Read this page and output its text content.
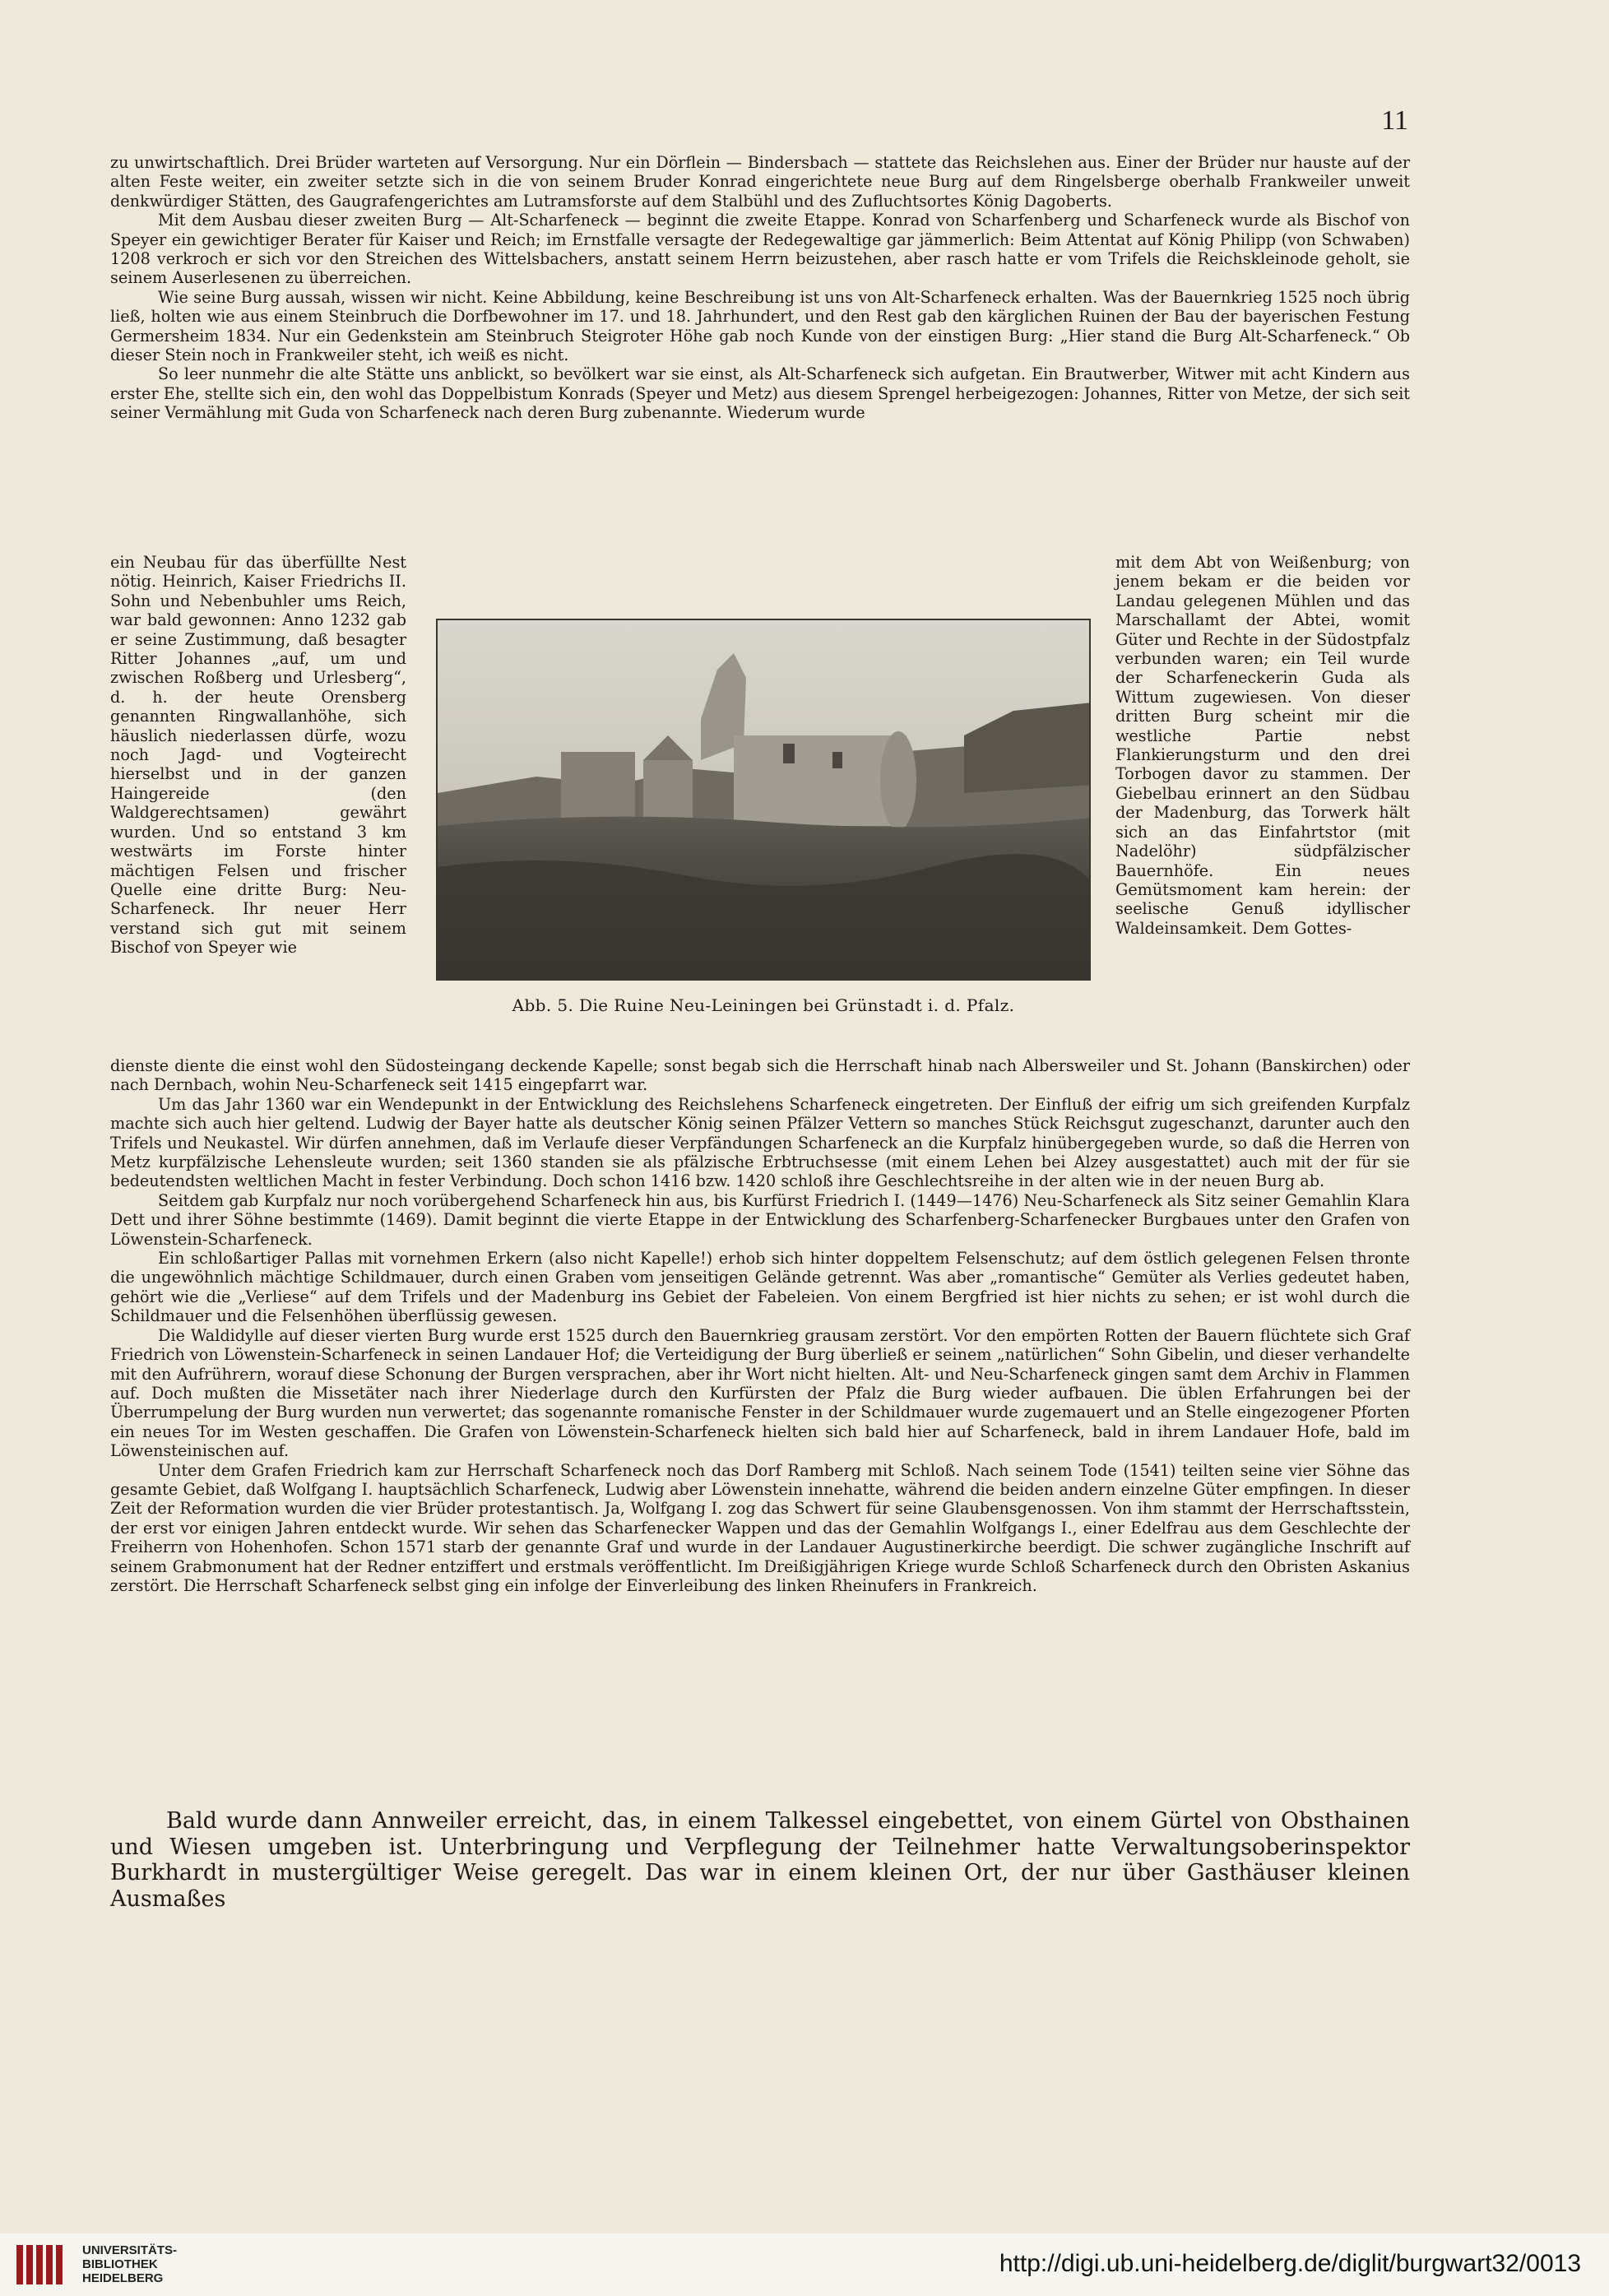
11

zu unwirtschaftlich. Drei Brüder warteten auf Versorgung. Nur ein Dörflein — Bindersbach — stattete das Reichslehen aus. Einer der Brüder nur hauste auf der alten Feste weiter, ein zweiter setzte sich in die von seinem Bruder Konrad eingerichtete neue Burg auf dem Ringelsberge oberhalb Frankweiler unweit denkwürdiger Stätten, des Gaugrafengerichtes am Lutramsforste auf dem Stalbühl und des Zufluchtsortes König Dagoberts.

Mit dem Ausbau dieser zweiten Burg — Alt-Scharfeneck — beginnt die zweite Etappe. Konrad von Scharfenberg und Scharfeneck wurde als Bischof von Speyer ein gewichtiger Berater für Kaiser und Reich; im Ernstfalle versagte der Redegewaltige gar jämmerlich: Beim Attentat auf König Philipp (von Schwaben) 1208 verkroch er sich vor den Streichen des Wittelsbachers, anstatt seinem Herrn beizustehen, aber rasch hatte er vom Trifels die Reichskleinode geholt, sie seinem Auserlesenen zu überreichen.

Wie seine Burg aussah, wissen wir nicht. Keine Abbildung, keine Beschreibung ist uns von Alt-Scharfeneck erhalten. Was der Bauernkrieg 1525 noch übrig ließ, holten wie aus einem Steinbruch die Dorfbewohner im 17. und 18. Jahrhundert, und den Rest gab den kärglichen Ruinen der Bau der bayerischen Festung Germersheim 1834. Nur ein Gedenkstein am Steinbruch Steigroter Höhe gab noch Kunde von der einstigen Burg: „Hier stand die Burg Alt-Scharfeneck.“ Ob dieser Stein noch in Frankweiler steht, ich weiß es nicht.

So leer nunmehr die alte Stätte uns anblickt, so bevölkert war sie einst, als Alt-Scharfeneck sich aufgetan. Ein Brautwerber, Witwer mit acht Kindern aus erster Ehe, stellte sich ein, den wohl das Doppelbistum Konrads (Speyer und Metz) aus diesem Sprengel herbeigezogen: Johannes, Ritter von Metze, der sich seit seiner Vermählung mit Guda von Scharfeneck nach deren Burg zubenannte. Wiederum wurde

ein Neubau für das überfüllte Nest nötig. Heinrich, Kaiser Friedrichs II. Sohn und Nebenbuhler ums Reich, war bald gewonnen: Anno 1232 gab er seine Zustimmung, daß besagter Ritter Johannes „auf, um und zwischen Roßberg und Urlesberg“, d. h. der heute Orensberg genannten Ringwallanhöhe, sich häuslich niederlassen dürfe, wozu noch Jagd- und Vogteirecht hierselbst und in der ganzen Haingereide (den Waldgerechtsamen) gewährt wurden. Und so entstand 3 km westwärts im Forste hinter mächtigen Felsen und frischer Quelle eine dritte Burg: Neu-Scharfeneck. Ihr neuer Herr verstand sich gut mit seinem Bischof von Speyer wie

Abb. 5. Die Ruine Neu-Leiningen bei Grünstadt i. d. Pfalz.

mit dem Abt von Weißenburg; von jenem bekam er die beiden vor Landau gelegenen Mühlen und das Marschallamt der Abtei, womit Güter und Rechte in der Südostpfalz verbunden waren; ein Teil wurde der Scharfeneckerin Guda als Wittum zugewiesen. Von dieser dritten Burg scheint mir die westliche Partie nebst Flankierungsturm und den drei Torbogen davor zu stammen. Der Giebelbau erinnert an den Südbau der Madenburg, das Torwerk hält sich an das Einfahrtstor (mit Nadelöhr) südpfälzischer Bauernhöfe. Ein neues Gemütsmoment kam herein: der seelische Genuß idyllischer Waldeinsamkeit. Dem Gottes-

dienste diente die einst wohl den Südosteingang deckende Kapelle; sonst begab sich die Herrschaft hinab nach Albersweiler und St. Johann (Banskirchen) oder nach Dernbach, wohin Neu-Scharfeneck seit 1415 eingepfarrt war.

Um das Jahr 1360 war ein Wendepunkt in der Entwicklung des Reichslehens Scharfeneck eingetreten. Der Einfluß der eifrig um sich greifenden Kurpfalz machte sich auch hier geltend. Ludwig der Bayer hatte als deutscher König seinen Pfälzer Vettern so manches Stück Reichsgut zugeschanzt, darunter auch den Trifels und Neukastel. Wir dürfen annehmen, daß im Verlaufe dieser Verpfändungen Scharfeneck an die Kurpfalz hinübergegeben wurde, so daß die Herren von Metz kurpfälzische Lehensleute wurden; seit 1360 standen sie als pfälzische Erbtruchsesse (mit einem Lehen bei Alzey ausgestattet) auch mit der für sie bedeutendsten weltlichen Macht in fester Verbindung. Doch schon 1416 bzw. 1420 schloß ihre Geschlechtsreihe in der alten wie in der neuen Burg ab.

Seitdem gab Kurpfalz nur noch vorübergehend Scharfeneck hin aus, bis Kurfürst Friedrich I. (1449—1476) Neu-Scharfeneck als Sitz seiner Gemahlin Klara Dett und ihrer Söhne bestimmte (1469). Damit beginnt die vierte Etappe in der Entwicklung des Scharfenberg-Scharfenecker Burgbaues unter den Grafen von Löwenstein-Scharfeneck.

Ein schloßartiger Pallas mit vornehmen Erkern (also nicht Kapelle!) erhob sich hinter doppeltem Felsenschutz; auf dem östlich gelegenen Felsen thronte die ungewöhnlich mächtige Schildmauer, durch einen Graben vom jenseitigen Gelände getrennt. Was aber „romantische“ Gemüter als Verlies gedeutet haben, gehört wie die „Verliese“ auf dem Trifels und der Madenburg ins Gebiet der Fabeleien. Von einem Bergfried ist hier nichts zu sehen; er ist wohl durch die Schildmauer und die Felsenhöhen überflüssig gewesen.

Die Waldidylle auf dieser vierten Burg wurde erst 1525 durch den Bauernkrieg grausam zerstört. Vor den empörten Rotten der Bauern flüchtete sich Graf Friedrich von Löwenstein-Scharfeneck in seinen Landauer Hof; die Verteidigung der Burg überließ er seinem „natürlichen“ Sohn Gibelin, und dieser verhandelte mit den Aufrührern, worauf diese Schonung der Burgen versprachen, aber ihr Wort nicht hielten. Alt- und Neu-Scharfeneck gingen samt dem Archiv in Flammen auf. Doch mußten die Missetäter nach ihrer Niederlage durch den Kurfürsten der Pfalz die Burg wieder aufbauen. Die üblen Erfahrungen bei der Überrumpelung der Burg wurden nun verwertet; das sogenannte romanische Fenster in der Schildmauer wurde zugemauert und an Stelle eingezogener Pforten ein neues Tor im Westen geschaffen. Die Grafen von Löwenstein-Scharfeneck hielten sich bald hier auf Scharfeneck, bald in ihrem Landauer Hofe, bald im Löwensteinischen auf.

Unter dem Grafen Friedrich kam zur Herrschaft Scharfeneck noch das Dorf Ramberg mit Schloß. Nach seinem Tode (1541) teilten seine vier Söhne das gesamte Gebiet, daß Wolfgang I. hauptsächlich Scharfeneck, Ludwig aber Löwenstein innehatte, während die beiden andern einzelne Güter empfingen. In dieser Zeit der Reformation wurden die vier Brüder protestantisch. Ja, Wolfgang I. zog das Schwert für seine Glaubensgenossen. Von ihm stammt der Herrschaftsstein, der erst vor einigen Jahren entdeckt wurde. Wir sehen das Scharfenecker Wappen und das der Gemahlin Wolfgangs I., einer Edelfrau aus dem Geschlechte der Freiherrn von Hohenhofen. Schon 1571 starb der genannte Graf und wurde in der Landauer Augustinerkirche beerdigt. Die schwer zugängliche Inschrift auf seinem Grabmonument hat der Redner entziffert und erstmals veröffentlicht. Im Dreißigjährigen Kriege wurde Schloß Scharfeneck durch den Obristen Askanius zerstört. Die Herrschaft Scharfeneck selbst ging ein infolge der Einverleibung des linken Rheinufers in Frankreich.

Bald wurde dann Annweiler erreicht, das, in einem Talkessel eingebettet, von einem Gürtel von Obsthainen und Wiesen umgeben ist. Unterbringung und Verpflegung der Teilnehmer hatte Verwaltungsoberinspektor Burkhardt in mustergültiger Weise geregelt. Das war in einem kleinen Ort, der nur über Gasthäuser kleinen Ausmaßes

UNIVERSITÄTS-
BIBLIOTHEK
HEIDELBERG
http://digi.ub.uni-heidelberg.de/diglit/burgwart32/0013
